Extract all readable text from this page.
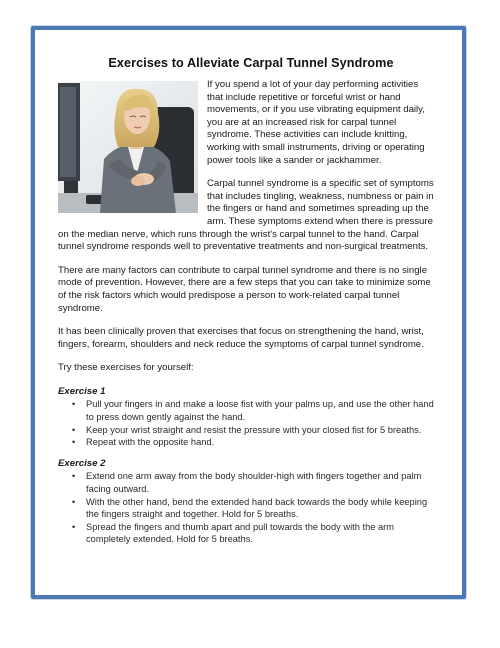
Exercises to Alleviate Carpal Tunnel Syndrome

If you spend a lot of your day performing activities that include repetitive or forceful wrist or hand movements, or if you use vibrating equipment daily, you are at an increased risk for carpal tunnel syndrome. These activities can include knitting, working with small instruments, driving or operating power tools like a sander or jackhammer.

Carpal tunnel syndrome is a specific set of symptoms that includes tingling, weakness, numbness or pain in the fingers or hand and sometimes spreading up the arm. These symptoms extend when there is pressure on the median nerve, which runs through the wrist's carpal tunnel to the hand. Carpal tunnel syndrome responds well to preventative treatments and non-surgical treatments.

There are many factors can contribute to carpal tunnel syndrome and there is no single mode of prevention. However, there are a few steps that you can take to minimize some of the risk factors which would predispose a person to work-related carpal tunnel syndrome.

It has been clinically proven that exercises that focus on strengthening the hand, wrist, fingers, forearm, shoulders and neck reduce the symptoms of carpal tunnel syndrome.

Try these exercises for yourself:

Exercise 1
• Pull your fingers in and make a loose fist with your palms up, and use the other hand to press down gently against the hand.
• Keep your wrist straight and resist the pressure with your closed fist for 5 breaths.
• Repeat with the opposite hand.
Exercise 2
• Extend one arm away from the body shoulder-high with fingers together and palm facing outward.
• With the other hand, bend the extended hand back towards the body while keeping the fingers straight and together. Hold for 5 breaths.
• Spread the fingers and thumb apart and pull towards the body with the arm completely extended. Hold for 5 breaths.
